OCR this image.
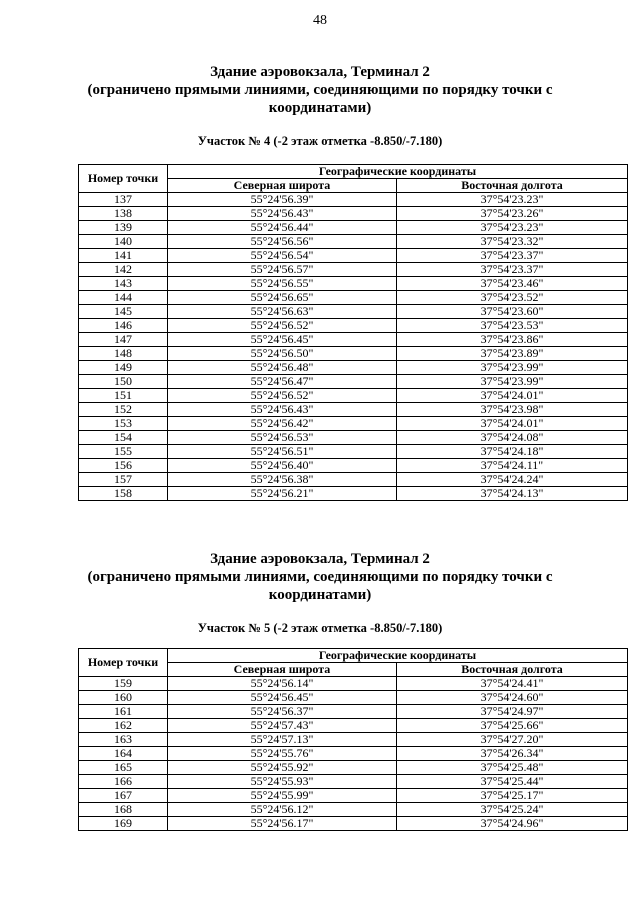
48
Здание аэровокзала, Терминал 2
(ограничено прямыми линиями, соединяющими по порядку точки с
координатами)
Участок № 4 (-2 этаж отметка -8.850/-7.180)
Номер точки	Географические координаты	
	Северная широта	Восточная долгота
137	55°24'56.39"	37°54'23.23"
138	55°24'56.43"	37°54'23.26"
139	55°24'56.44"	37°54'23.23"
140	55°24'56.56"	37°54'23.32"
141	55°24'56.54"	37°54'23.37"
142	55°24'56.57"	37°54'23.37"
143	55°24'56.55"	37°54'23.46"
144	55°24'56.65"	37°54'23.52"
145	55°24'56.63"	37°54'23.60"
146	55°24'56.52"	37°54'23.53"
147	55°24'56.45"	37°54'23.86"
148	55°24'56.50"	37°54'23.89"
149	55°24'56.48"	37°54'23.99"
150	55°24'56.47"	37°54'23.99"
151	55°24'56.52"	37°54'24.01"
152	55°24'56.43"	37°54'23.98"
153	55°24'56.42"	37°54'24.01"
154	55°24'56.53"	37°54'24.08"
155	55°24'56.51"	37°54'24.18"
156	55°24'56.40"	37°54'24.11"
157	55°24'56.38"	37°54'24.24"
158	55°24'56.21"	37°54'24.13"
Здание аэровокзала, Терминал 2
(ограничено прямыми линиями, соединяющими по порядку точки с
координатами)
Участок № 5 (-2 этаж отметка -8.850/-7.180)
Номер точки	Географические координаты	
	Северная широта	Восточная долгота
159	55°24'56.14"	37°54'24.41"
160	55°24'56.45"	37°54'24.60"
161	55°24'56.37"	37°54'24.97"
162	55°24'57.43"	37°54'25.66"
163	55°24'57.13"	37°54'27.20"
164	55°24'55.76"	37°54'26.34"
165	55°24'55.92"	37°54'25.48"
166	55°24'55.93"	37°54'25.44"
167	55°24'55.99"	37°54'25.17"
168	55°24'56.12"	37°54'25.24"
169	55°24'56.17"	37°54'24.96"
